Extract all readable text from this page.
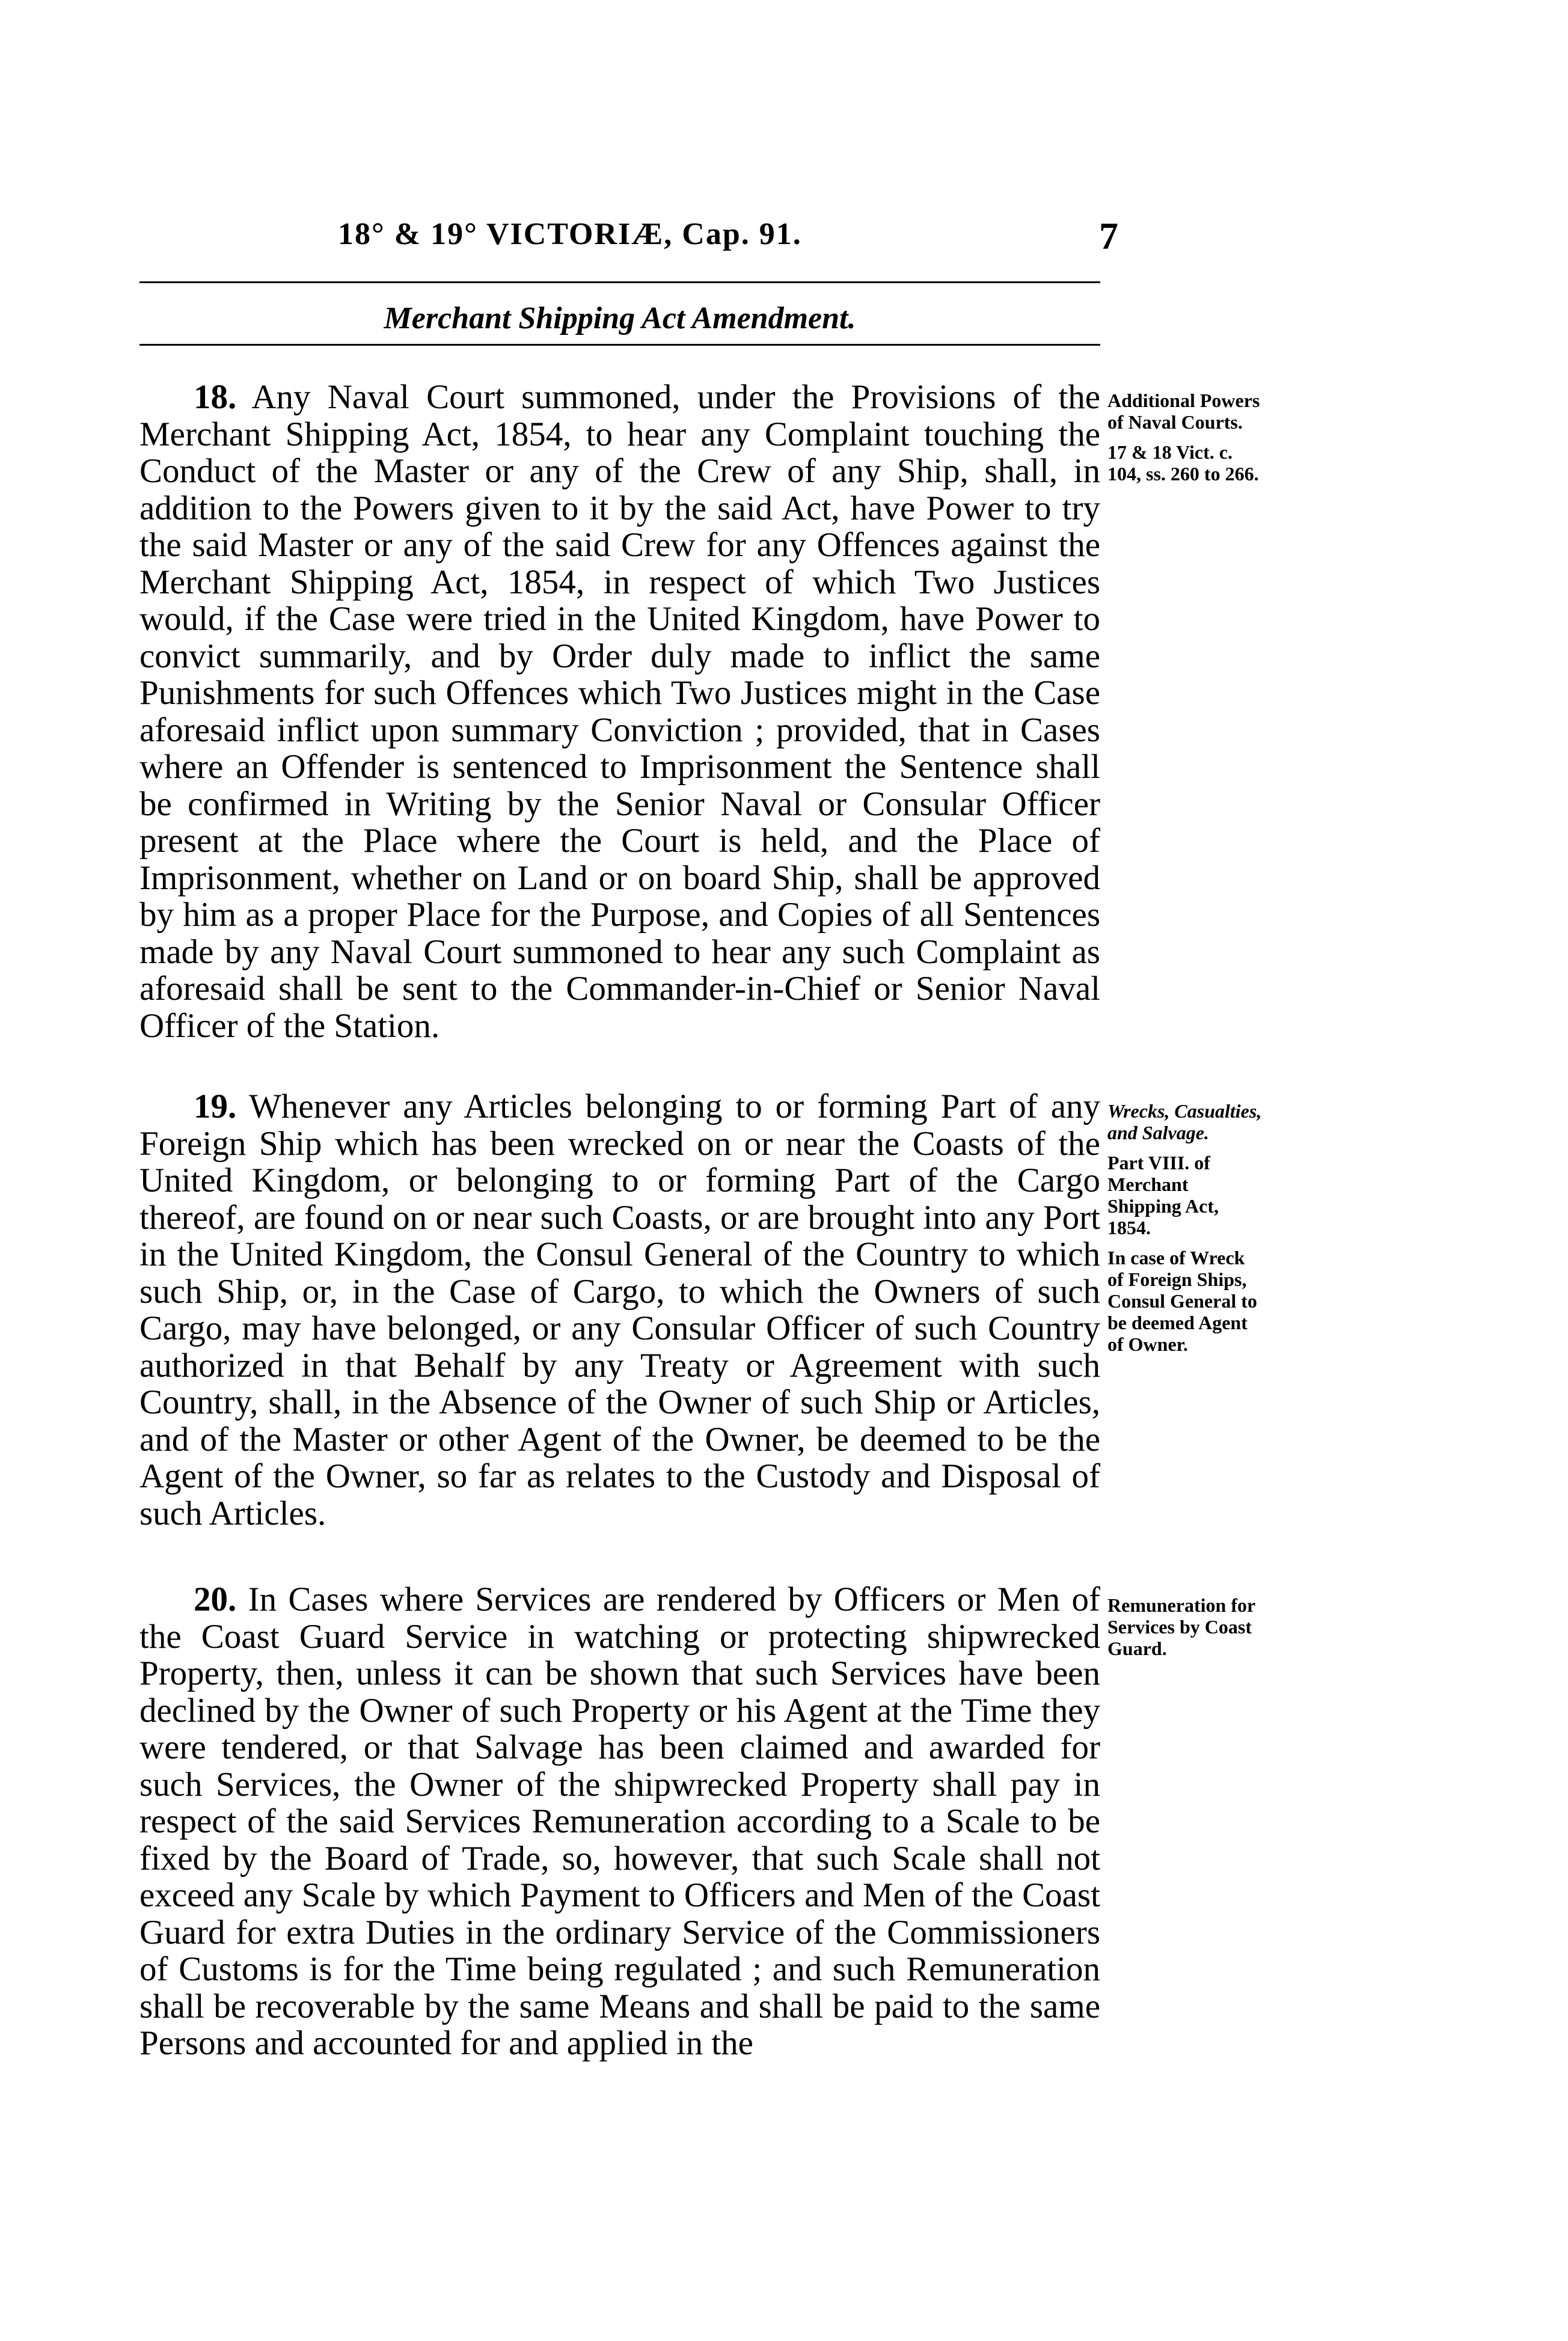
18° & 19° VICTORIÆ, Cap. 91.	7
Merchant Shipping Act Amendment.
18. Any Naval Court summoned, under the Provisions of the Merchant Shipping Act, 1854, to hear any Complaint touching the Conduct of the Master or any of the Crew of any Ship, shall, in addition to the Powers given to it by the said Act, have Power to try the said Master or any of the said Crew for any Offences against the Merchant Shipping Act, 1854, in respect of which Two Justices would, if the Case were tried in the United Kingdom, have Power to convict summarily, and by Order duly made to inflict the same Punishments for such Offences which Two Justices might in the Case aforesaid inflict upon summary Conviction ; provided, that in Cases where an Offender is sentenced to Imprisonment the Sentence shall be confirmed in Writing by the Senior Naval or Consular Officer present at the Place where the Court is held, and the Place of Imprisonment, whether on Land or on board Ship, shall be approved by him as a proper Place for the Purpose, and Copies of all Sentences made by any Naval Court summoned to hear any such Complaint as aforesaid shall be sent to the Commander-in-Chief or Senior Naval Officer of the Station.
Additional Powers of Naval Courts.
17 & 18 Vict. c. 104, ss. 260 to 266.
19. Whenever any Articles belonging to or forming Part of any Foreign Ship which has been wrecked on or near the Coasts of the United Kingdom, or belonging to or forming Part of the Cargo thereof, are found on or near such Coasts, or are brought into any Port in the United Kingdom, the Consul General of the Country to which such Ship, or, in the Case of Cargo, to which the Owners of such Cargo, may have belonged, or any Consular Officer of such Country authorized in that Behalf by any Treaty or Agreement with such Country, shall, in the Absence of the Owner of such Ship or Articles, and of the Master or other Agent of the Owner, be deemed to be the Agent of the Owner, so far as relates to the Custody and Disposal of such Articles.
Wrecks, Casualties, and Salvage.
Part VIII. of Merchant Shipping Act, 1854.
In case of Wreck of Foreign Ships, Consul General to be deemed Agent of Owner.
20. In Cases where Services are rendered by Officers or Men of the Coast Guard Service in watching or protecting shipwrecked Property, then, unless it can be shown that such Services have been declined by the Owner of such Property or his Agent at the Time they were tendered, or that Salvage has been claimed and awarded for such Services, the Owner of the shipwrecked Property shall pay in respect of the said Services Remuneration according to a Scale to be fixed by the Board of Trade, so, however, that such Scale shall not exceed any Scale by which Payment to Officers and Men of the Coast Guard for extra Duties in the ordinary Service of the Commissioners of Customs is for the Time being regulated ; and such Remuneration shall be recoverable by the same Means and shall be paid to the same Persons and accounted for and applied in the
Remuneration for Services by Coast Guard.
